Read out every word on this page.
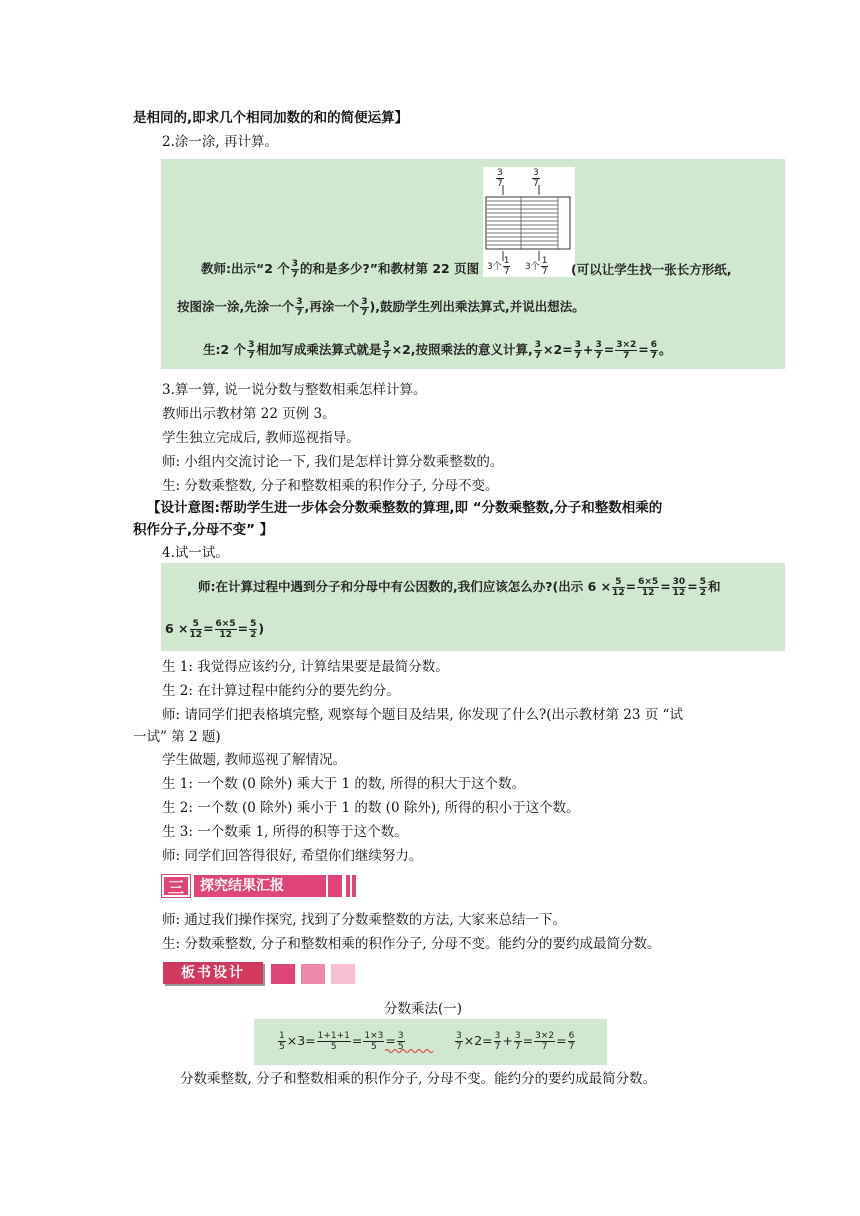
是相同的,即求几个相同加数的和的简便运算】
2.涂一涂, 再计算。
$\frac{3}{7}$	$\frac{3}{7}$
3个 $\frac{1}{7} 3$个 $\frac{1}{7}$
教师:出示“2 个 $\frac{3}{7}$ 的和是多少?”和教材第 22 页图	(可以让学生找一张长方形纸,
按图涂一涂,先涂一个 $\frac{3}{7}$ ,再涂一个 $\frac{3}{7}$ ),鼓励学生列出乘法算式,并说出想法。
生:2 个 $\frac{3}{7}$ 相加写成乘法算式就是 $\frac{3}{7} \times 2$,按照乘法的意义计算, $\frac{3}{7} \times 2= \frac{3}{7} + \frac{3}{7} = \frac{3\times 2}{7} = \frac{6}{7}$ 。
3.算一算, 说一说分数与整数相乘怎样计算。
教师出示教材第 22 页例 3。
学生独立完成后, 教师巡视指导。
师: 小组内交流讨论一下, 我们是怎样计算分数乘整数的。
生: 分数乘整数, 分子和整数相乘的积作分子, 分母不变。
【设计意图:帮助学生进一步体会分数乘整数的算理,即 “分数乘整数,分子和整数相乘的
积作分子,分母不变” 】
4.试一试。
师:在计算过程中遇到分子和分母中有公因数的,我们应该怎么办?(出示 $6 \times \frac{5}{12} = \frac{6\times 5}{12} = \frac{30}{12} = \frac{5}{2}$ 和
$6 \times \frac{5}{12} = \frac{6\times 5}{12} = \frac{5}{2}$ )
生 1: 我觉得应该约分, 计算结果要是最简分数。
生 2: 在计算过程中能约分的要先约分。
师: 请同学们把表格填完整, 观察每个题目及结果, 你发现了什么?(出示教材第 23 页 “试
一试” 第 2 题)
学生做题, 教师巡视了解情况。
生 1: 一个数 (0 除外) 乘大于 1 的数, 所得的积大于这个数。
生 2: 一个数 (0 除外) 乘小于 1 的数 (0 除外), 所得的积小于这个数。
生 3: 一个数乘 1, 所得的积等于这个数。
师: 同学们回答得很好, 希望你们继续努力。
三	探究结果汇报
师: 通过我们操作探究, 找到了分数乘整数的方法, 大家来总结一下。
生: 分数乘整数, 分子和整数相乘的积作分子, 分母不变。能约分的要约成最简分数。
板书设计
分数乘法(一)
$\frac{1}{5} \times 3= \frac{1+1+1}{5} = \frac{1\times 3}{5} = \frac{3}{5}$	$\frac{3}{7} \times 2= \frac{3}{7} + \frac{3}{7} = \frac{3\times 2}{7} = \frac{6}{7}$
分数乘整数, 分子和整数相乘的积作分子, 分母不变。能约分的要约成最简分数。
